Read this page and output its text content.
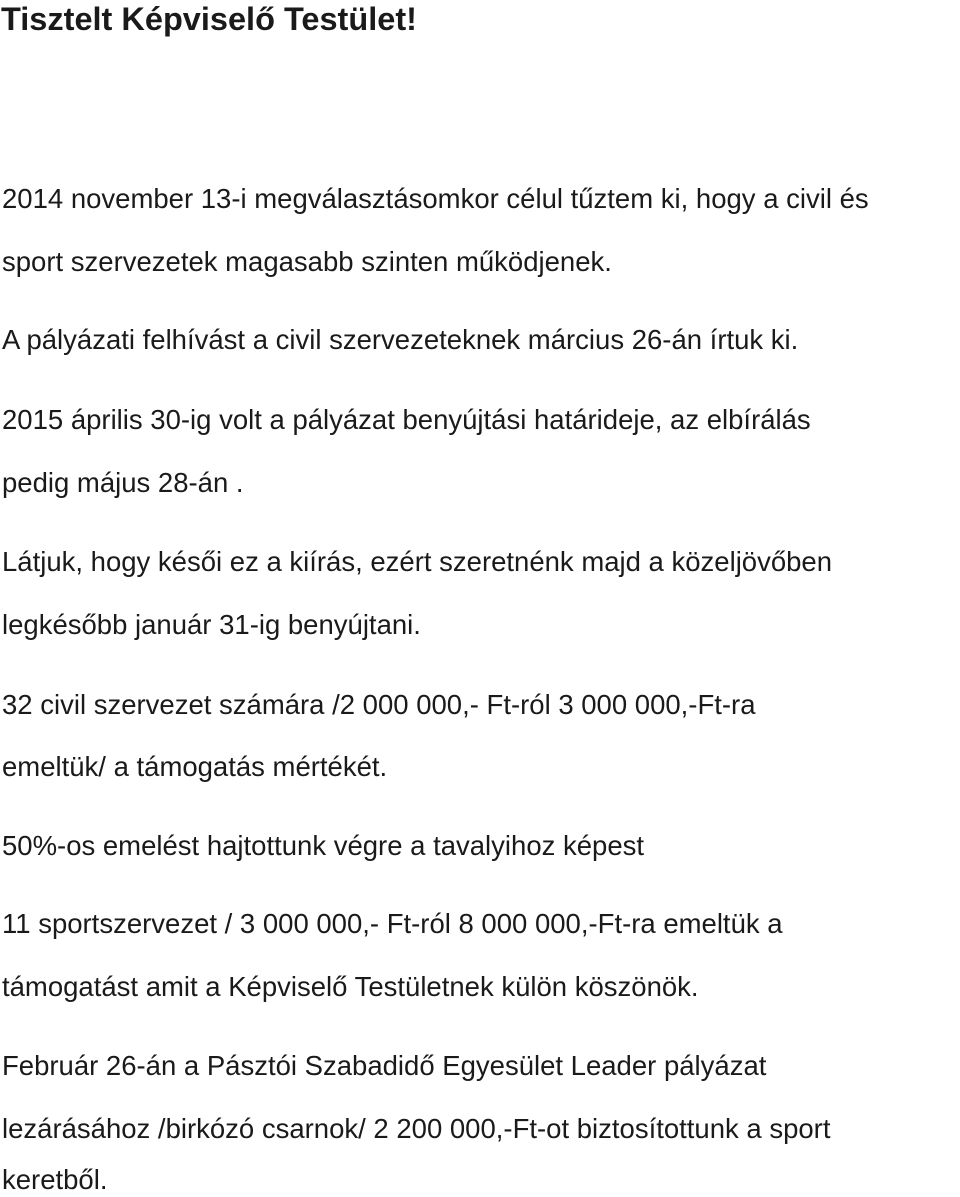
Tisztelt Képviselő Testület!

2014 november 13-i megválasztásomkor célul tűztem ki, hogy a civil és

sport szervezetek magasabb szinten működjenek.

A pályázati felhívást a civil szervezeteknek március 26-án írtuk ki.

2015 április 30-ig volt a pályázat benyújtási határideje, az elbírálás

pedig május 28-án .

Látjuk, hogy késői ez a kiírás, ezért szeretnénk majd a közeljövőben

legkésőbb január 31-ig benyújtani.

32 civil szervezet számára /2 000 000,- Ft-ról 3 000 000,-Ft-ra

emeltük/ a támogatás mértékét.

50%-os emelést hajtottunk végre a tavalyihoz képest

11 sportszervezet / 3 000 000,- Ft-ról 8 000 000,-Ft-ra emeltük a

támogatást amit a Képviselő Testületnek külön köszönök.

Február 26-án a Pásztói Szabadidő Egyesület Leader pályázat

lezárásához /birkózó csarnok/ 2 200 000,-Ft-ot biztosítottunk a sport

keretből.
